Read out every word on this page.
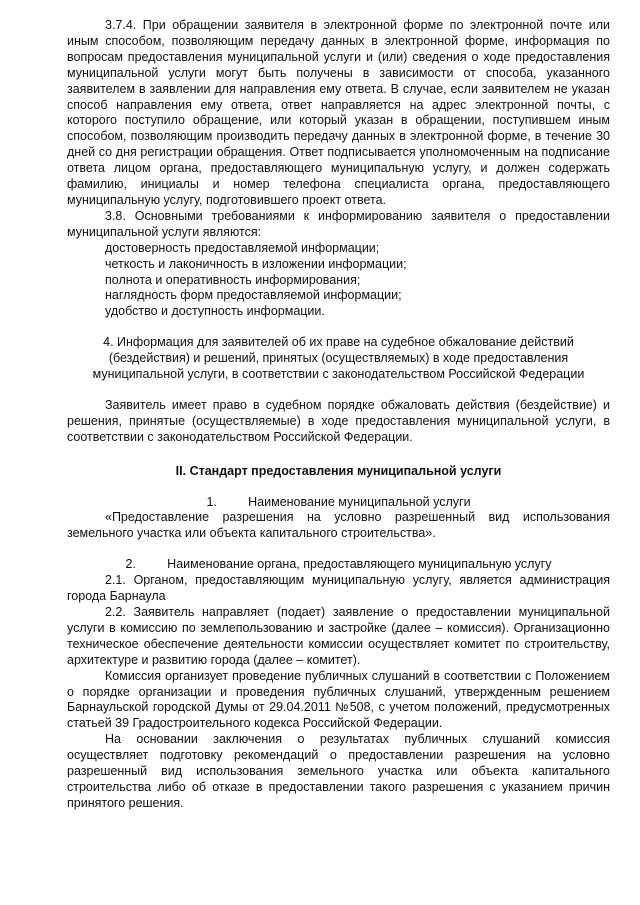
3.7.4. При обращении заявителя в электронной форме по электронной почте или иным способом, позволяющим передачу данных в электронной форме, информация по вопросам предоставления муниципальной услуги и (или) сведения о ходе предоставления муниципальной услуги могут быть получены в зависимости от способа, указанного заявителем в заявлении для направления ему ответа. В случае, если заявителем не указан способ направления ему ответа, ответ направляется на адрес электронной почты, с которого поступило обращение, или который указан в обращении, поступившем иным способом, позволяющим производить передачу данных в электронной форме, в течение 30 дней со дня регистрации обращения. Ответ подписывается уполномоченным на подписание ответа лицом органа, предоставляющего муниципальную услугу, и должен содержать фамилию, инициалы и номер телефона специалиста органа, предоставляющего муниципальную услугу, подготовившего проект ответа.

3.8. Основными требованиями к информированию заявителя о предоставлении муниципальной услуги являются:

достоверность предоставляемой информации;

четкость и лаконичность в изложении информации;

полнота и оперативность информирования;

наглядность форм предоставляемой информации;

удобство и доступность информации.

4. Информация для заявителей об их праве на судебное обжалование действий (бездействия) и решений, принятых (осуществляемых) в ходе предоставления муниципальной услуги, в соответствии с законодательством Российской Федерации

Заявитель имеет право в судебном порядке обжаловать действия (бездействие) и решения, принятые (осуществляемые) в ходе предоставления муниципальной услуги, в соответствии с законодательством Российской Федерации.

II. Стандарт предоставления муниципальной услуги

1.	Наименование муниципальной услуги

«Предоставление разрешения на условно разрешенный вид использования земельного участка или объекта капитального строительства».

2.	Наименование органа, предоставляющего муниципальную услугу

2.1. Органом, предоставляющим муниципальную услугу, является администрация города Барнаула

2.2. Заявитель направляет (подает) заявление о предоставлении муниципальной услуги в комиссию по землепользованию и застройке (далее – комиссия). Организационно техническое обеспечение деятельности комиссии осуществляет комитет по строительству, архитектуре и развитию города (далее – комитет).

Комиссия организует проведение публичных слушаний в соответствии с Положением о порядке организации и проведения публичных слушаний, утвержденным решением Барнаульской городской Думы от 29.04.2011 №508, с учетом положений, предусмотренных статьей 39 Градостроительного кодекса Российской Федерации.

На основании заключения о результатах публичных слушаний комиссия осуществляет подготовку рекомендаций о предоставлении разрешения на условно разрешенный вид использования земельного участка или объекта капитального строительства либо об отказе в предоставлении такого разрешения с указанием причин принятого решения.
